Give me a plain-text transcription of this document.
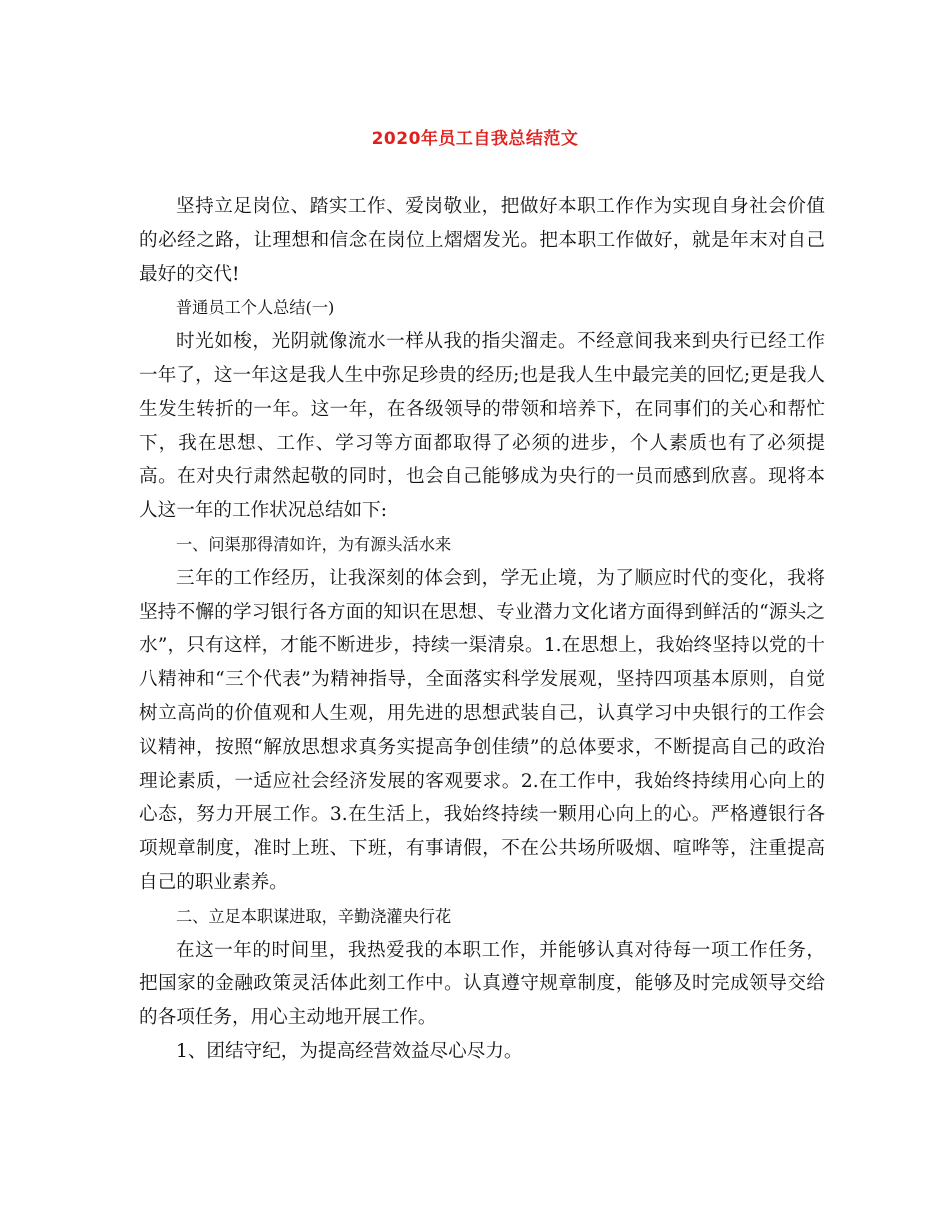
2020年员工自我总结范文

坚持立足岗位、踏实工作、爱岗敬业，把做好本职工作作为实现自身社会价值的必经之路，让理想和信念在岗位上熠熠发光。把本职工作做好，就是年末对自己最好的交代!

普通员工个人总结(一)

时光如梭，光阴就像流水一样从我的指尖溜走。不经意间我来到央行已经工作一年了，这一年这是我人生中弥足珍贵的经历;也是我人生中最完美的回忆;更是我人生发生转折的一年。这一年，在各级领导的带领和培养下，在同事们的关心和帮忙下，我在思想、工作、学习等方面都取得了必须的进步，个人素质也有了必须提高。在对央行肃然起敬的同时，也会自己能够成为央行的一员而感到欣喜。现将本人这一年的工作状况总结如下:

一、问渠那得清如许，为有源头活水来

三年的工作经历，让我深刻的体会到，学无止境，为了顺应时代的变化，我将坚持不懈的学习银行各方面的知识在思想、专业潜力文化诸方面得到鲜活的“源头之水”，只有这样，才能不断进步，持续一渠清泉。1.在思想上，我始终坚持以党的十八精神和“三个代表”为精神指导，全面落实科学发展观，坚持四项基本原则，自觉树立高尚的价值观和人生观，用先进的思想武装自己，认真学习中央银行的工作会议精神，按照“解放思想求真务实提高争创佳绩”的总体要求，不断提高自己的政治理论素质，一适应社会经济发展的客观要求。2.在工作中，我始终持续用心向上的心态，努力开展工作。3.在生活上，我始终持续一颗用心向上的心。严格遵银行各项规章制度，准时上班、下班，有事请假，不在公共场所吸烟、喧哗等，注重提高自己的职业素养。

二、立足本职谋进取，辛勤浇灌央行花

在这一年的时间里，我热爱我的本职工作，并能够认真对待每一项工作任务，把国家的金融政策灵活体此刻工作中。认真遵守规章制度，能够及时完成领导交给的各项任务，用心主动地开展工作。

1、团结守纪，为提高经营效益尽心尽力。
